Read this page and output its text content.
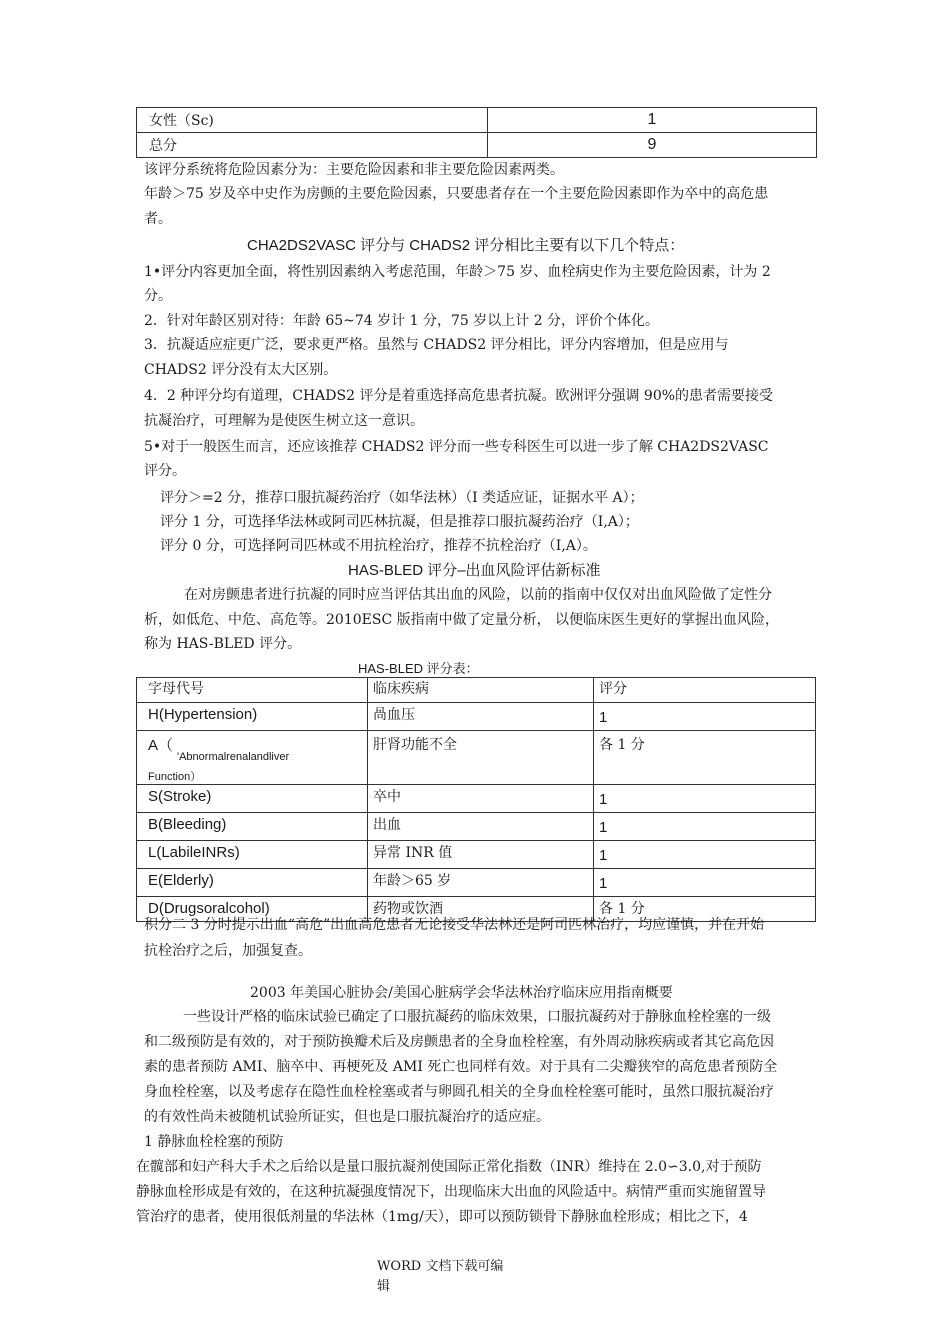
女性（Sc)	1
总分	9
该评分系统将危险因素分为：主要危险因素和非主要危险因素两类。
年龄＞75 岁及卒中史作为房颤的主要危险因素，只要患者存在一个主要危险因素即作为卒中的高危患
者。
CHA2DS2VASC 评分与 CHADS2 评分相比主要有以下几个特点：
1•评分内容更加全面，将性别因素纳入考虑范围，年龄＞75 岁、血栓病史作为主要危险因素，计为 2
分。
2．针对年龄区别对待：年龄 65~74 岁计 1 分，75 岁以上计 2 分，评价个体化。
3．抗凝适应症更广泛，要求更严格。虽然与 CHADS2 评分相比，评分内容增加，但是应用与
CHADS2 评分没有太大区别。
4．2 种评分均有道理，CHADS2 评分是着重选择高危患者抗凝。欧洲评分强调 90%的患者需要接受
抗凝治疗，可理解为是使医生树立这一意识。
5•对于一般医生而言，还应该推荐 CHADS2 评分而一些专科医生可以进一步了解 CHA2DS2VASC
评分。
评分＞=2 分，推荐口服抗凝药治疗（如华法林）（I 类适应证，证据水平 A）；
评分 1 分，可选择华法林或阿司匹林抗凝，但是推荐口服抗凝药治疗（I,A）；
评分 0 分，可选择阿司匹林或不用抗栓治疗，推荐不抗栓治疗（I,A）。
HAS-BLED 评分–出血风险评估新标准
在对房颤患者进行抗凝的同时应当评估其出血的风险，以前的指南中仅仅对出血风险做了定性分
析，如低危、中危、高危等。2010ESC 版指南中做了定量分析， 以便临床医生更好的掌握出血风险，
称为 HAS-BLED 评分。
HAS-BLED 评分表：
字母代号	临床疾病	评分
H(Hypertension)	咼血压	1

A（
'Abnormalrenalandliver
Function）	肝肾功能不全	各 1 分
S(Stroke)	卒中	1
B(Bleeding)	出血	1
L(LabileINRs)	异常 INR 值	1
E(Elderly)	年龄＞65 岁	1
D(Drugsoralcohol)	药物或饮酒	各 1 分
积分二 3 分时提示出血“高危”出血高危患者无论接受华法林还是阿司匹林治疗，均应谨慎，并在开始
抗栓治疗之后，加强复查。
2003 年美国心脏协会/美国心脏病学会华法林治疗临床应用指南概要
一些设计严格的临床试验已确定了口服抗凝药的临床效果，口服抗凝药对于静脉血栓栓塞的一级
和二级预防是有效的，对于预防换瓣术后及房颤患者的全身血栓栓塞，有外周动脉疾病或者其它高危因
素的患者预防 AMI、脑卒中、再梗死及 AMI 死亡也同样有效。对于具有二尖瓣狭窄的高危患者预防全
身血栓栓塞，以及考虑存在隐性血栓栓塞或者与卵圆孔相关的全身血栓栓塞可能时，虽然口服抗凝治疗
的有效性尚未被随机试验所证实，但也是口服抗凝治疗的适应症。
1 静脉血栓栓塞的预防
在髋部和妇产科大手术之后给以是量口服抗凝剂使国际正常化指数（INR）维持在 2.0∽3.0,对于预防
静脉血栓形成是有效的，在这种抗凝强度情况下，出现临床大出血的风险适中。病情严重而实施留置导
管治疗的患者，使用很低剂量的华法林（1mg/天），即可以预防锁骨下静脉血栓形成；相比之下，4
WORD 文档下载可编
辑
